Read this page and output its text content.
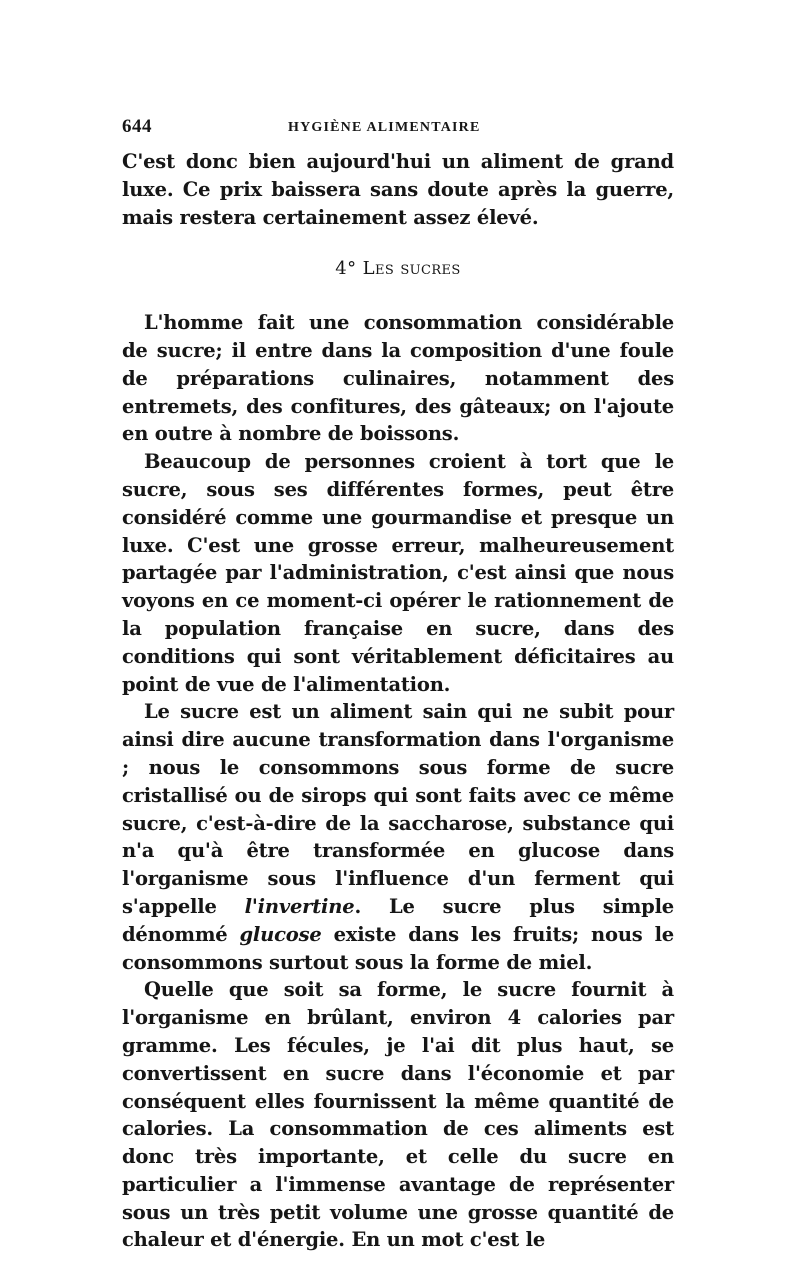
644	HYGIÈNE ALIMENTAIRE

C'est donc bien aujourd'hui un aliment de grand luxe. Ce prix baissera sans doute après la guerre, mais restera certainement assez élevé.

4° Les sucres

L'homme fait une consommation considérable de sucre; il entre dans la composition d'une foule de préparations culinaires, notamment des entremets, des confitures, des gâteaux; on l'ajoute en outre à nombre de boissons.

Beaucoup de personnes croient à tort que le sucre, sous ses différentes formes, peut être considéré comme une gourmandise et presque un luxe. C'est une grosse erreur, malheureusement partagée par l'administration, c'est ainsi que nous voyons en ce moment-ci opérer le rationnement de la population française en sucre, dans des conditions qui sont véritablement déficitaires au point de vue de l'alimentation.

Le sucre est un aliment sain qui ne subit pour ainsi dire aucune transformation dans l'organisme ; nous le consommons sous forme de sucre cristallisé ou de sirops qui sont faits avec ce même sucre, c'est-à-dire de la saccharose, substance qui n'a qu'à être transformée en glucose dans l'organisme sous l'influence d'un ferment qui s'appelle l'invertine. Le sucre plus simple dénommé glucose existe dans les fruits; nous le consommons surtout sous la forme de miel.

Quelle que soit sa forme, le sucre fournit à l'organisme en brûlant, environ 4 calories par gramme. Les fécules, je l'ai dit plus haut, se convertissent en sucre dans l'économie et par conséquent elles fournissent la même quantité de calories. La consommation de ces aliments est donc très importante, et celle du sucre en particulier a l'immense avantage de représenter sous un très petit volume une grosse quantité de chaleur et d'énergie. En un mot c'est le
